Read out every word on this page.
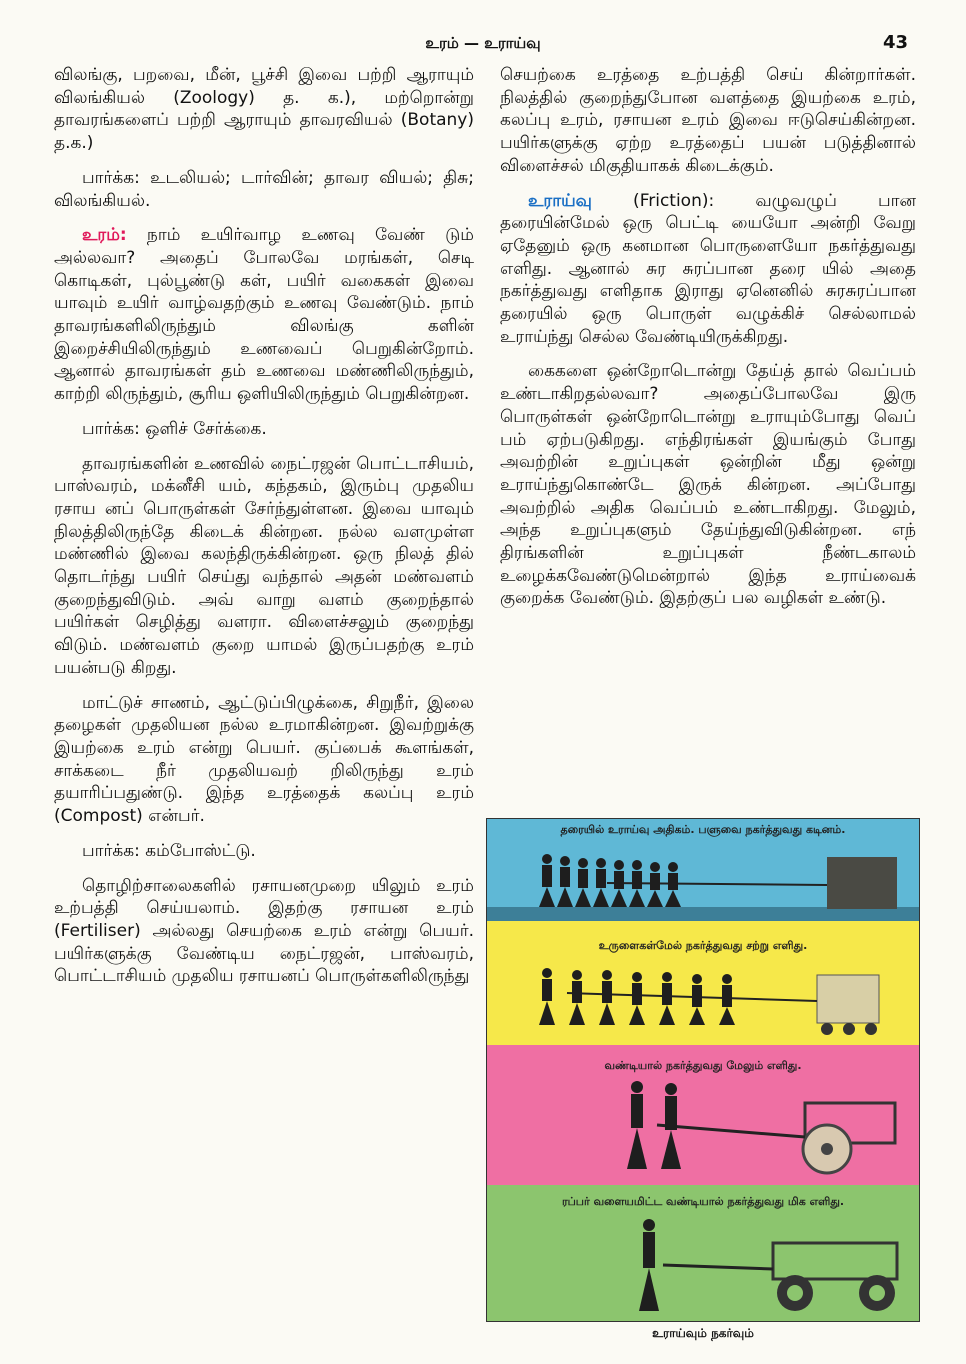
உரம் — உராய்வு	43

விலங்கு, பறவை, மீன், பூச்சி இவை பற்றி ஆராயும் விலங்கியல் (Zoology) த. க.), மற்றொன்று தாவரங்களைப் பற்றி ஆராயும் தாவரவியல் (Botany) த.க.)

பார்க்க: உடலியல்; டார்வின்; தாவர வியல்; திசு; விலங்கியல்.

உரம்: நாம் உயிர்வாழ உணவு வேண் டும் அல்லவா? அதைப் போலவே மரங்கள், செடி கொடிகள், புல்பூண்டு கள், பயிர் வகைகள் இவை யாவும் உயிர் வாழ்வதற்கும் உணவு வேண்டும். நாம் தாவரங்களிலிருந்தும் விலங்கு களின் இறைச்சியிலிருந்தும் உணவைப் பெறுகின்றோம். ஆனால் தாவரங்கள் தம் உணவை மண்ணிலிருந்தும், காற்றி லிருந்தும், சூரிய ஒளியிலிருந்தும் பெறுகின்றன.

பார்க்க: ஒளிச் சேர்க்கை.

தாவரங்களின் உணவில் நைட்ரஜன் பொட்டாசியம், பாஸ்வரம், மக்னீசி யம், கந்தகம், இரும்பு முதலிய ரசாய னப் பொருள்கள் சேர்ந்துள்ளன. இவை யாவும் நிலத்திலிருந்தே கிடைக் கின்றன. நல்ல வளமுள்ள மண்ணில் இவை கலந்திருக்கின்றன. ஒரு நிலத் தில் தொடர்ந்து பயிர் செய்து வந்தால் அதன் மண்வளம் குறைந்துவிடும். அவ் வாறு வளம் குறைந்தால் பயிர்கள் செழித்து வளரா. விளைச்சலும் குறைந்து விடும். மண்வளம் குறை யாமல் இருப்பதற்கு உரம் பயன்படு கிறது.

மாட்டுச் சாணம், ஆட்டுப்பிழுக்கை, சிறுநீர், இலை தழைகள் முதலியன நல்ல உரமாகின்றன. இவற்றுக்கு இயற்கை உரம் என்று பெயர். குப்பைக் கூளங்கள், சாக்கடை நீர் முதலியவற் றிலிருந்து உரம் தயாரிப்பதுண்டு. இந்த உரத்தைக் கலப்பு உரம் (Compost) என்பர்.

பார்க்க: கம்போஸ்ட்டு.

தொழிற்சாலைகளில் ரசாயனமுறை யிலும் உரம் உற்பத்தி செய்யலாம். இதற்கு ரசாயன உரம் (Fertiliser) அல்லது செயற்கை உரம் என்று பெயர். பயிர்களுக்கு வேண்டிய நைட்ரஜன், பாஸ்வரம், பொட்டாசியம் முதலிய ரசாயனப் பொருள்களிலிருந்து

செயற்கை உரத்தை உற்பத்தி செய் கின்றார்கள். நிலத்தில் குறைந்துபோன வளத்தை இயற்கை உரம், கலப்பு உரம், ரசாயன உரம் இவை ஈடுசெய்கின்றன. பயிர்களுக்கு ஏற்ற உரத்தைப் பயன் படுத்தினால் விளைச்சல் மிகுதியாகக் கிடைக்கும்.

உராய்வு (Friction): வழுவழுப் பான தரையின்மேல் ஒரு பெட்டி யையோ அன்றி வேறு ஏதேனும் ஒரு கனமான பொருளையோ நகர்த்துவது எளிது. ஆனால் சுர சுரப்பான தரை யில் அதை நகர்த்துவது எளிதாக இராது ஏனெனில் சுரசுரப்பான தரையில் ஒரு பொருள் வழுக்கிச் செல்லாமல் உராய்ந்து செல்ல வேண்டியிருக்கிறது.

கைகளை ஒன்றோடொன்று தேய்த் தால் வெப்பம் உண்டாகிறதல்லவா? அதைப்போலவே இரு பொருள்கள் ஒன்றோடொன்று உராயும்போது வெப் பம் ஏற்படுகிறது. எந்திரங்கள் இயங்கும் போது அவற்றின் உறுப்புகள் ஒன்றின் மீது ஒன்று உராய்ந்துகொண்டே இருக் கின்றன. அப்போது அவற்றில் அதிக வெப்பம் உண்டாகிறது. மேலும், அந்த உறுப்புகளும் தேய்ந்துவிடுகின்றன. எந் திரங்களின் உறுப்புகள் நீண்டகாலம் உழைக்கவேண்டுமென்றால் இந்த உராய்வைக் குறைக்க வேண்டும். இதற்குப் பல வழிகள் உண்டு.

தரையில் உராய்வு அதிகம். பளுவை நகர்த்துவது கடினம்.
உருளைகள்மேல் நகர்த்துவது சற்று எளிது.
வண்டியால் நகர்த்துவது மேலும் எளிது.
ரப்பர் வளையமிட்ட வண்டியால் நகர்த்துவது மிக எளிது.
உராய்வும் நகர்வும்
